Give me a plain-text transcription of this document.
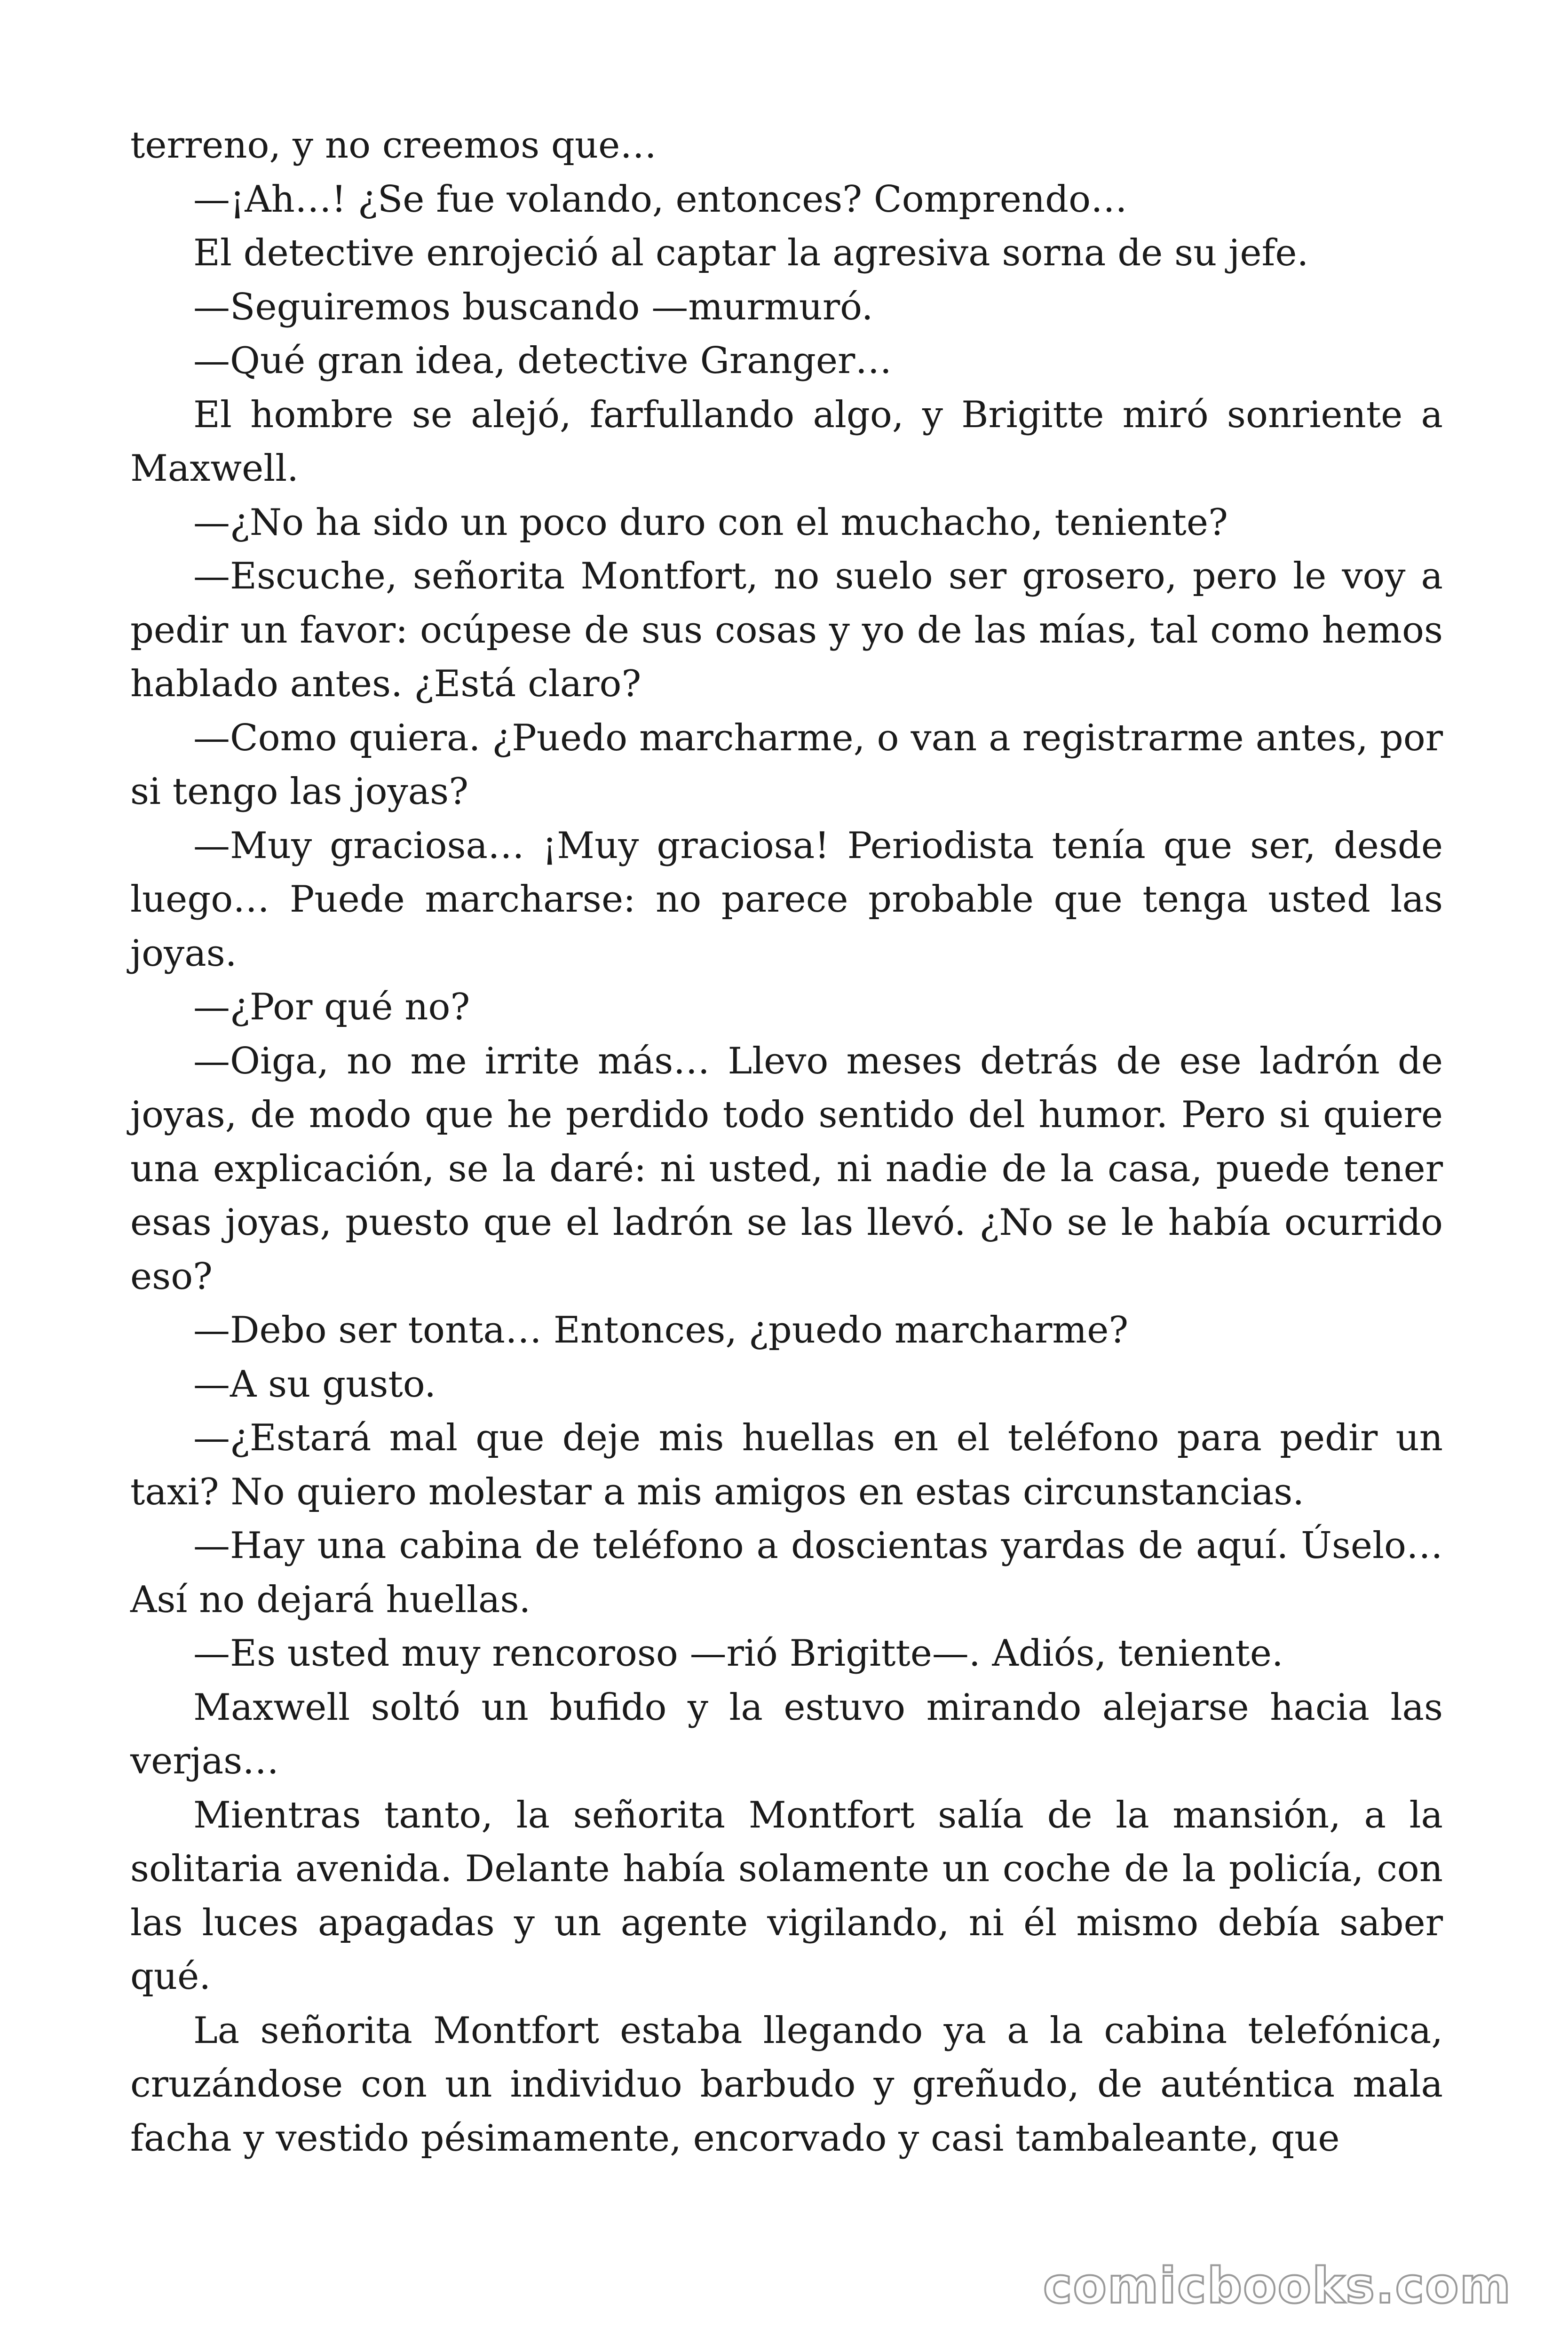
terreno, y no creemos que…

—¡Ah…! ¿Se fue volando, entonces? Comprendo…

El detective enrojeció al captar la agresiva sorna de su jefe.

—Seguiremos buscando —murmuró.

—Qué gran idea, detective Granger…

El hombre se alejó, farfullando algo, y Brigitte miró sonriente a Maxwell.

—¿No ha sido un poco duro con el muchacho, teniente?

—Escuche, señorita Montfort, no suelo ser grosero, pero le voy a pedir un favor: ocúpese de sus cosas y yo de las mías, tal como hemos hablado antes. ¿Está claro?

—Como quiera. ¿Puedo marcharme, o van a registrarme antes, por si tengo las joyas?

—Muy graciosa… ¡Muy graciosa! Periodista tenía que ser, desde luego… Puede marcharse: no parece probable que tenga usted las joyas.

—¿Por qué no?

—Oiga, no me irrite más… Llevo meses detrás de ese ladrón de joyas, de modo que he perdido todo sentido del humor. Pero si quiere una explicación, se la daré: ni usted, ni nadie de la casa, puede tener esas joyas, puesto que el ladrón se las llevó. ¿No se le había ocurrido eso?

—Debo ser tonta… Entonces, ¿puedo marcharme?

—A su gusto.

—¿Estará mal que deje mis huellas en el teléfono para pedir un taxi? No quiero molestar a mis amigos en estas circunstancias.

—Hay una cabina de teléfono a doscientas yardas de aquí. Úselo… Así no dejará huellas.

—Es usted muy rencoroso —rió Brigitte—. Adiós, teniente.

Maxwell soltó un bufido y la estuvo mirando alejarse hacia las verjas…

Mientras tanto, la señorita Montfort salía de la mansión, a la solitaria avenida. Delante había solamente un coche de la policía, con las luces apagadas y un agente vigilando, ni él mismo debía saber qué.

La señorita Montfort estaba llegando ya a la cabina telefónica, cruzándose con un individuo barbudo y greñudo, de auténtica mala facha y vestido pésimamente, encorvado y casi tambaleante, que

comicbooks.com
